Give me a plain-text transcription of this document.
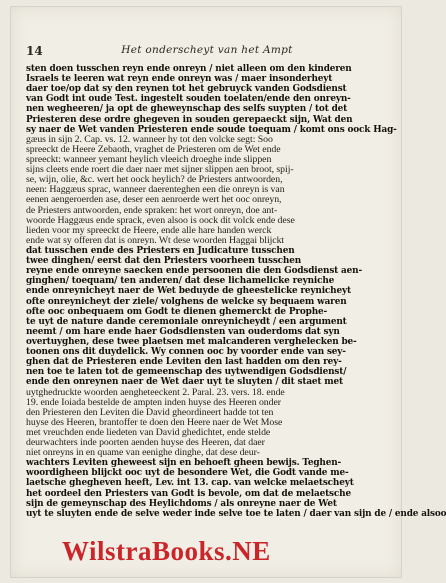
14	Het onderscheyt van het Ampt
sten doen tusschen reyn ende onreyn / niet alleen om den kinderen
Israels te leeren wat reyn ende onreyn was / maer insonderheyt
daer toe/op dat sy den reynen tot het gebruyck vanden Godsdienst
van Godt int oude Test. ingestelt souden toelaten/ende den onreyn-
nen wegheeren/ ja opt de gheweynschap des selfs suypten / tot det
Priesteren dese ordre ghegeven in souden gerepaeckt sijn, Wat den
sy naer de Wet vanden Priesteren ende soude toequam / komt ons oock Hag-
gæus in sijn 2. Cap. vs. 12. wanneer hy tot den volcke segt: Soo
spreeckt de Heere Zebaoth, vraghet de Priesteren om de Wet ende
spreeckt: wanneer yemant heylich vleeich droeghe inde slippen
sijns cleets ende roert die daer naer met sijner slippen aen broot, spij-
se, wijn, olie, &c. wert het oock heylich? de Priesters antwoorden,
neen: Haggæus sprac, wanneer daerenteghen een die onreyn is van
eenen aengeroerden ase, deser een aenroerde wert het ooc onreyn,
de Priesters antwoorden, ende spraken: het wort onreyn, doe ant-
woorde Haggæus ende sprack, even alsoo is oock dit volck ende dese
lieden voor my spreeckt de Heere, ende alle hare handen werck
ende wat sy offeren dat is onreyn. Wt dese woorden Haggai blijckt
dat tusschen ende des Priesters en Judicature tusschen
twee dinghen/ eerst dat den Priesters voorheen tusschen
reyne ende onreyne saecken ende persoonen die den Godsdienst aen-
ginghen/ toequam/ ten anderen/ dat dese lichamelicke reyniche
ende onreynicheyt naer de Wet beduyde de gheestelicke reynicheyt
ofte onreynicheyt der ziele/ volghens de welcke sy bequaem waren
ofte ooc onbequaem om Godt te dienen ghemerckt de Prophe-
te uyt de nature dande ceremoniale onreynicheydt / een argument
neemt / om hare ende haer Godsdiensten van ouderdoms dat syn
overtuyghen, dese twee plaetsen met malcanderen verghelecken be-
toonen ons dit duydelick. Wy connen ooc by voorder ende van sey-
ghen dat de Priesteren ende Leviten den last hadden om den rey-
nen toe te laten tot de gemeenschap des uytwendigen Godsdienst/
ende den onreynen naer de Wet daer uyt te sluyten / dit staet met
uytghedruckte woorden aengheteeckent 2. Paral. 23. vers. 18. ende
19. ende Ioiada bestelde de ampten inden huyse des Heeren onder
den Priesteren den Leviten die David gheordineert hadde tot ten
huyse des Heeren, brantoffer te doen den Heere naer de Wet Mose
met vreuchden ende liedeten van David ghedichtet, ende stelde
deurwachters inde poorten aenden huyse des Heeren, dat daer
niet onreyns in en quame van eenighe dinghe, dat dese deur-
wachters Leviten gheweest sijn en behoeft gheen bewijs. Teghen-
woordigheen blijckt ooc uyt de besondere Wet, die Godt vande me-
laetsche ghegheven heeft, Lev. int 13. cap. van welcke melaetscheyt
het oordeel den Priesters van Godt is bevole, om dat de melaetsche
sijn de gemeynschap des Heylichdoms / als onreyne naer de Wet
uyt te sluyten ende de selve weder inde selve toe te laten / daer van sijn de / ende alsoo
WilstraBooks.NE
